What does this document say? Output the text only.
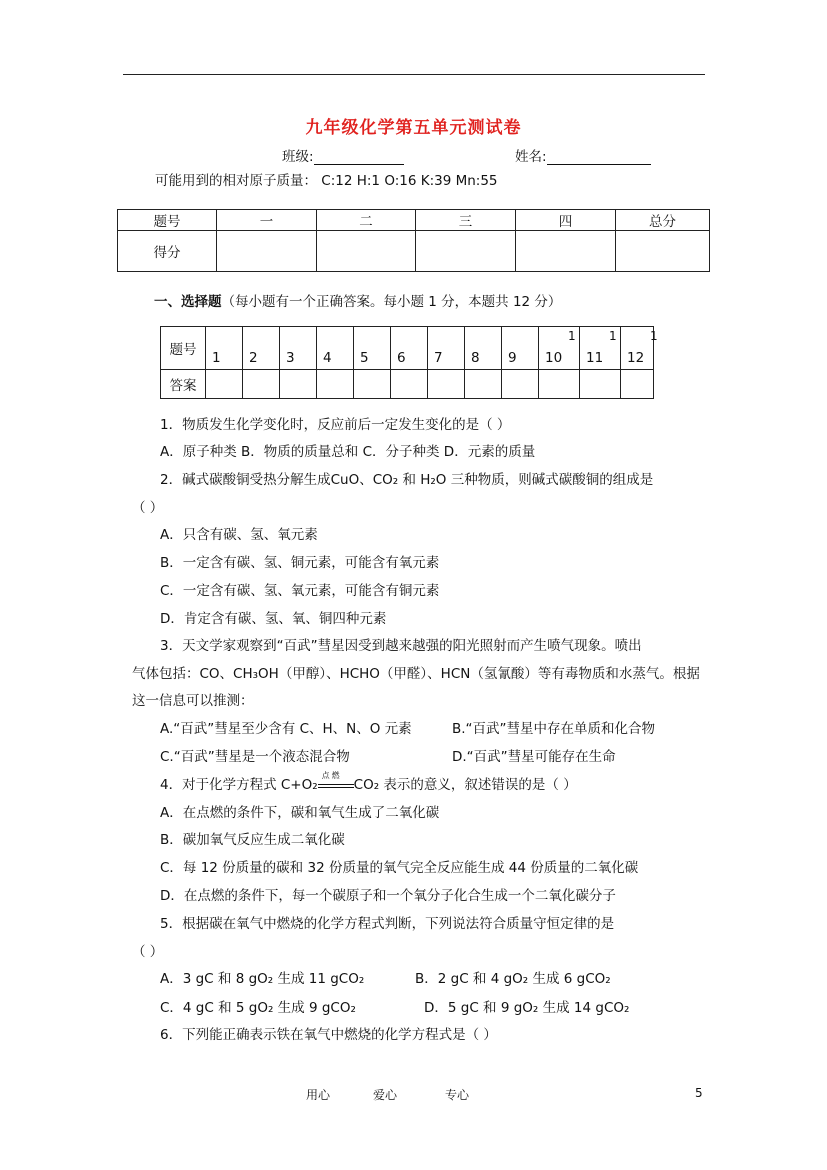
九年级化学第五单元测试卷
班级:	姓名:
可能用到的相对原子质量： C:12 H:1 O:16 K:39 Mn:55
题号	一	二	三	四	总分
得分					
一、选择题（每小题有一个正确答案。每小题 1 分，本题共 12 分）
题号	1	2	3	4	5	6	7	8	9	10	11	12
答案												
1	1	1
1．物质发生化学变化时，反应前后一定发生变化的是（ ）
A．原子种类 B．物质的质量总和 C．分子种类 D．元素的质量
2．碱式碳酸铜受热分解生成CuO、CO₂ 和 H₂O 三种物质，则碱式碳酸铜的组成是
（ ）
A．只含有碳、氢、氧元素
B．一定含有碳、氢、铜元素，可能含有氧元素
C．一定含有碳、氢、氧元素，可能含有铜元素
D．肯定含有碳、氢、氧、铜四种元素
3．天文学家观察到“百武”彗星因受到越来越强的阳光照射而产生喷气现象。喷出
气体包括：CO、CH₃OH（甲醇）、HCHO（甲醛）、HCN（氢氰酸）等有毒物质和水蒸气。根据
这一信息可以推测：
A.“百武”彗星至少含有 C、H、N、O 元素	B.“百武”彗星中存在单质和化合物
C.“百武”彗星是一个液态混合物	D.“百武”彗星可能存在生命
4．对于化学方程式 C+O₂
点燃
CO₂ 表示的意义，叙述错误的是（ ）
A．在点燃的条件下，碳和氧气生成了二氧化碳
B．碳加氧气反应生成二氧化碳
C．每 12 份质量的碳和 32 份质量的氧气完全反应能生成 44 份质量的二氧化碳
D．在点燃的条件下，每一个碳原子和一个氧分子化合生成一个二氧化碳分子
5．根据碳在氧气中燃烧的化学方程式判断，下列说法符合质量守恒定律的是
（ ）
A．3 gC 和 8 gO₂ 生成 11 gCO₂	B．2 gC 和 4 gO₂ 生成 6 gCO₂
C．4 gC 和 5 gO₂ 生成 9 gCO₂	D．5 gC 和 9 gO₂ 生成 14 gCO₂
6．下列能正确表示铁在氧气中燃烧的化学方程式是（ ）
用心	爱心	专心	5
